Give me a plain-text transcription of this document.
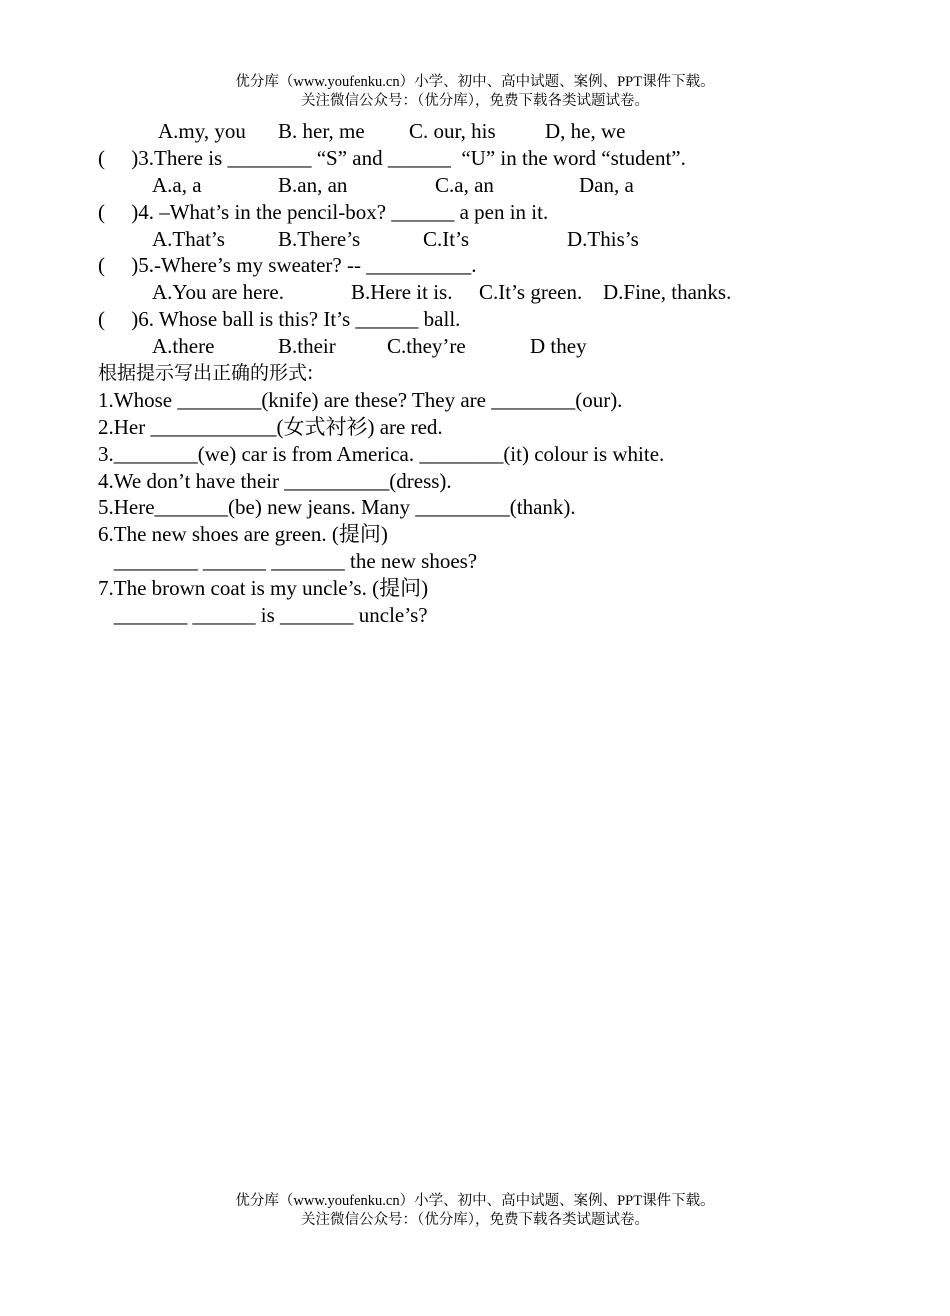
优分库（www.youfenku.cn）小学、初中、高中试题、案例、PPT课件下载。
关注微信公众号：（优分库），免费下载各类试题试卷。

A.my, you

B. her, me

C. our, his

D, he, we

(     )3.There is ________ “S” and ______  “U” in the word “student”.

A.a, a

	B.an, an

	C.a, an

	Dan, a

(     )4. –What’s in the pencil-box? ______ a pen in it.

A.That’s

	B.There’s

	C.It’s

	D.This’s

(     )5.-Where’s my sweater? -- __________.

A.You are here.

	B.Here it is.

C.It’s green.

D.Fine, thanks.

(     )6. Whose ball is this? It’s ______ ball.

A.there

	B.their

C.they’re

	D they

根据提示写出正确的形式:
1.Whose ________(knife) are these? They are ________(our).
2.Her ____________(女式衬衫) are red.
3.________(we) car is from America. ________(it) colour is white.
4.We don’t have their __________(dress).
5.Here_______(be) new jeans. Many _________(thank).
6.The new shoes are green. (提问)
________ ______ _______ the new shoes?
7.The brown coat is my uncle’s. (提问)
_______ ______ is _______ uncle’s?
优分库（www.youfenku.cn）小学、初中、高中试题、案例、PPT课件下载。
关注微信公众号：（优分库），免费下载各类试题试卷。
